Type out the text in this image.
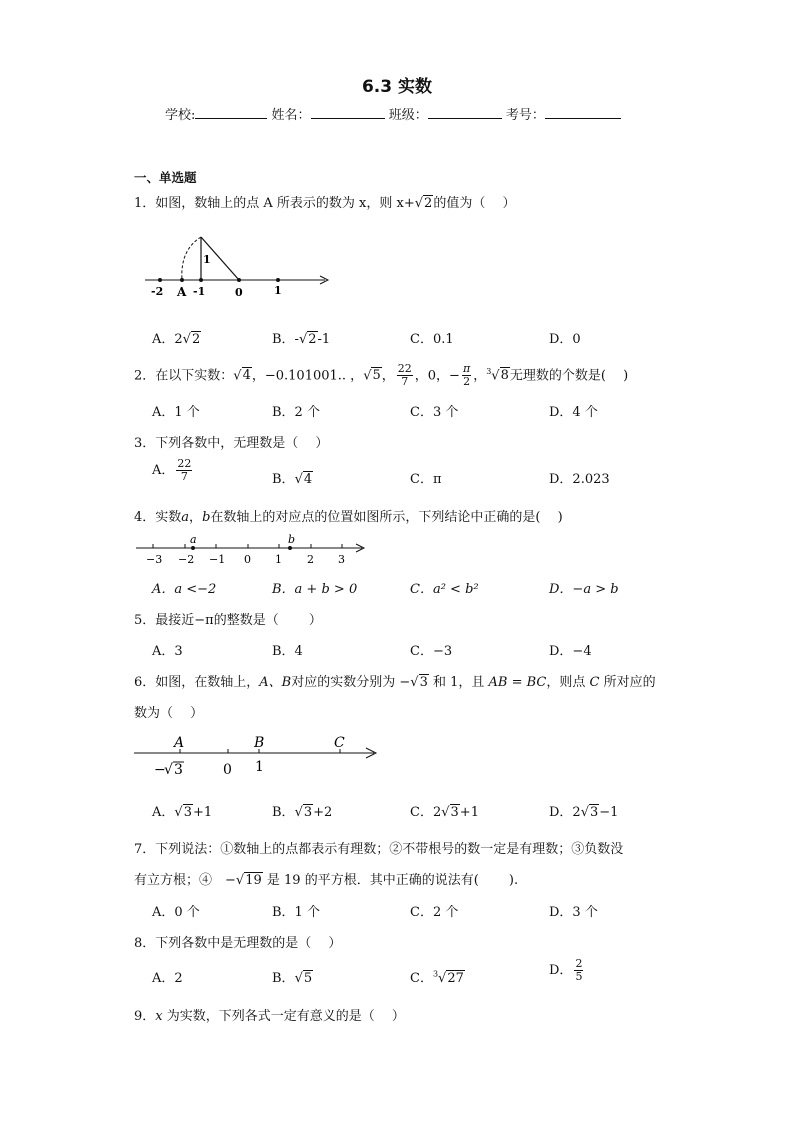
6.3 实数
学校:	姓名：	班级：	考号：
一、单选题
1．如图，数轴上的点 A 所表示的数为 x，则 x+√2的值为（　 ）
-2 A -1	0	1
1
A．2√2	B．-√2-1	C．0.1	D．0
2．在以下实数：√4，−0.101001.. ，√5， $\frac{22}{7}$ ，0，− $\frac{\pi}{2}$ ，$^3$√8无理数的个数是(　 )
A．1 个	B．2 个	C．3 个	D．4 个
3．下列各数中，无理数是（　 ）
A． $\frac{22}{7}$	B．√4	C．π	D．2.023
4．实数a，b在数轴上的对应点的位置如图所示，下列结论中正确的是(　 )
a	b
−3 −2 −1 0 1 2 3
A．a <−2	B．a + b > 0	C．a² < b²	D．−a > b
5．最接近−π的整数是（　 　）
A．3	B．4	C．−3	D．−4
6．如图，在数轴上，A、B对应的实数分别为 −√3 和 1，且 AB = BC，则点 C 所对应的
数为（　 ）
A	B	C
−
√ 3	0 1
A．√3+1	B．√3+2	C．2√3+1	D．2√3−1
7．下列说法：①数轴上的点都表示有理数；②不带根号的数一定是有理数；③负数没
有立方根；④　−√19 是 19 的平方根．其中正确的说法有(　　 ).
A．0 个	B．1 个	C．2 个	D．3 个
8．下列各数中是无理数的是（　 ）
A．2	B．√5	C．$^3$√27
D． $\frac{2}{5}$
9．x 为实数，下列各式一定有意义的是（　 ）
